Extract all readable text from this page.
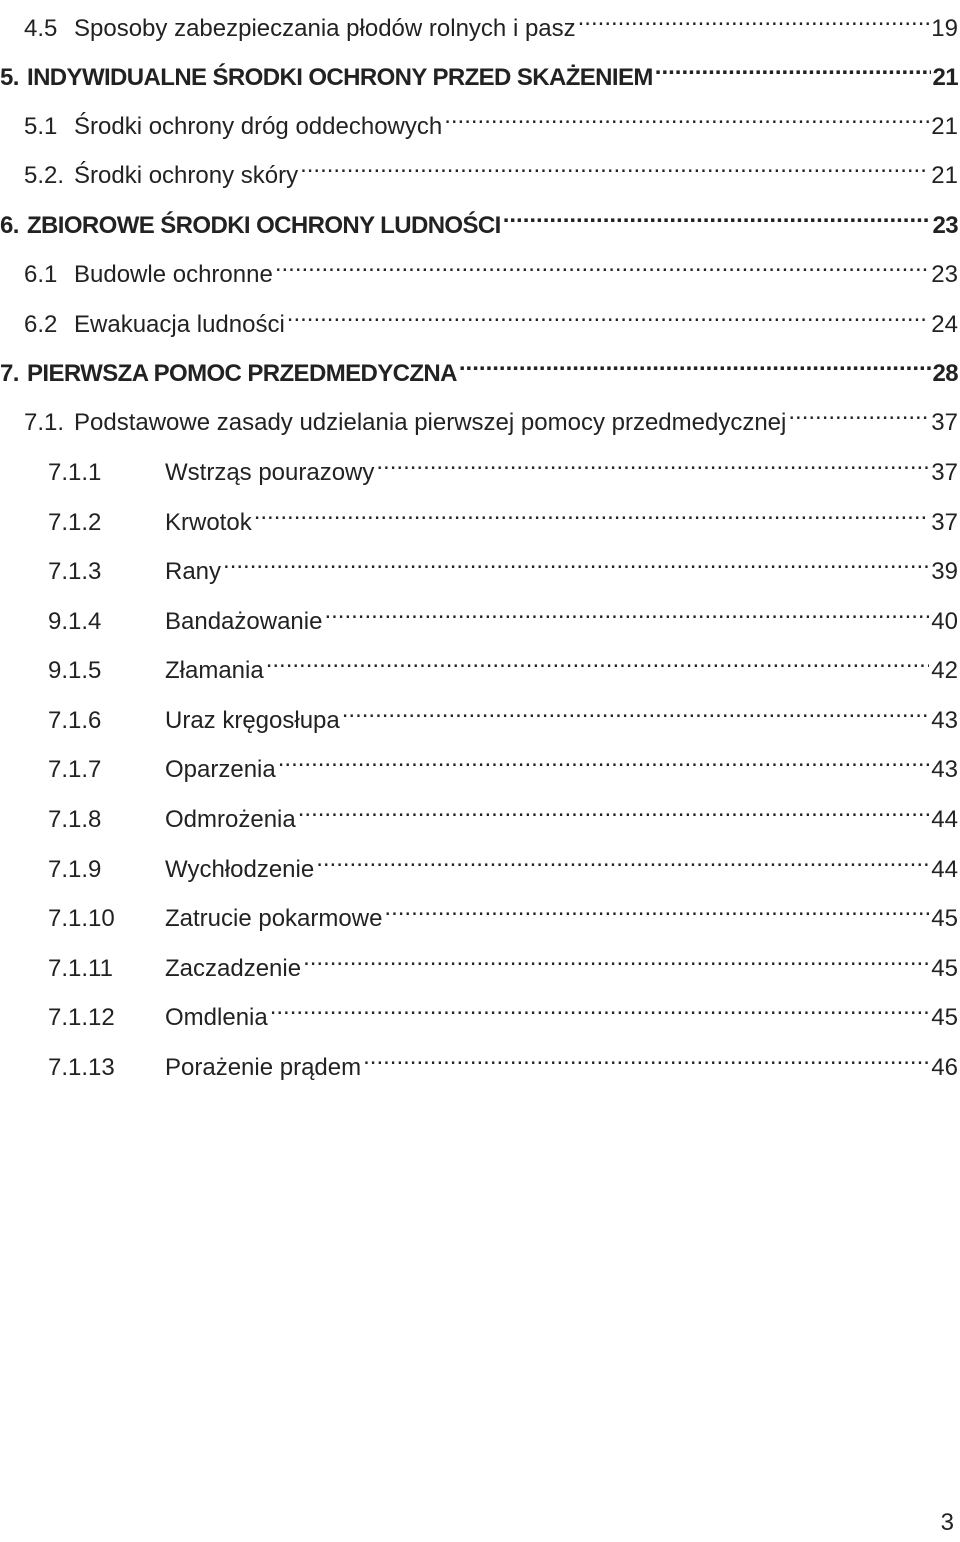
4.5 Sposoby zabezpieczania płodów rolnych i pasz .....	19
5. INDYWIDUALNE ŚRODKI OCHRONY PRZED SKAŻENIEM .....	21
5.1 Środki ochrony dróg oddechowych .....	21
5.2. Środki ochrony skóry .....	21
6. ZBIOROWE ŚRODKI OCHRONY LUDNOŚCI .....	23
6.1 Budowle ochronne .....	23
6.2 Ewakuacja ludności .....	24
7. PIERWSZA POMOC PRZEDMEDYCZNA .....	28
7.1. Podstawowe zasady udzielania pierwszej pomocy przedmedycznej .....	37
7.1.1	Wstrząs pourazowy .....	37
7.1.2	Krwotok .....	37
7.1.3	Rany .....	39
9.1.4	Bandażowanie .....	40
9.1.5	Złamania .....	42
7.1.6	Uraz kręgosłupa .....	43
7.1.7	Oparzenia .....	43
7.1.8	Odmrożenia .....	44
7.1.9	Wychłodzenie .....	44
7.1.10	Zatrucie pokarmowe .....	45
7.1.11	Zaczadzenie .....	45
7.1.12	Omdlenia .....	45
7.1.13	Porażenie prądem .....	46
3
